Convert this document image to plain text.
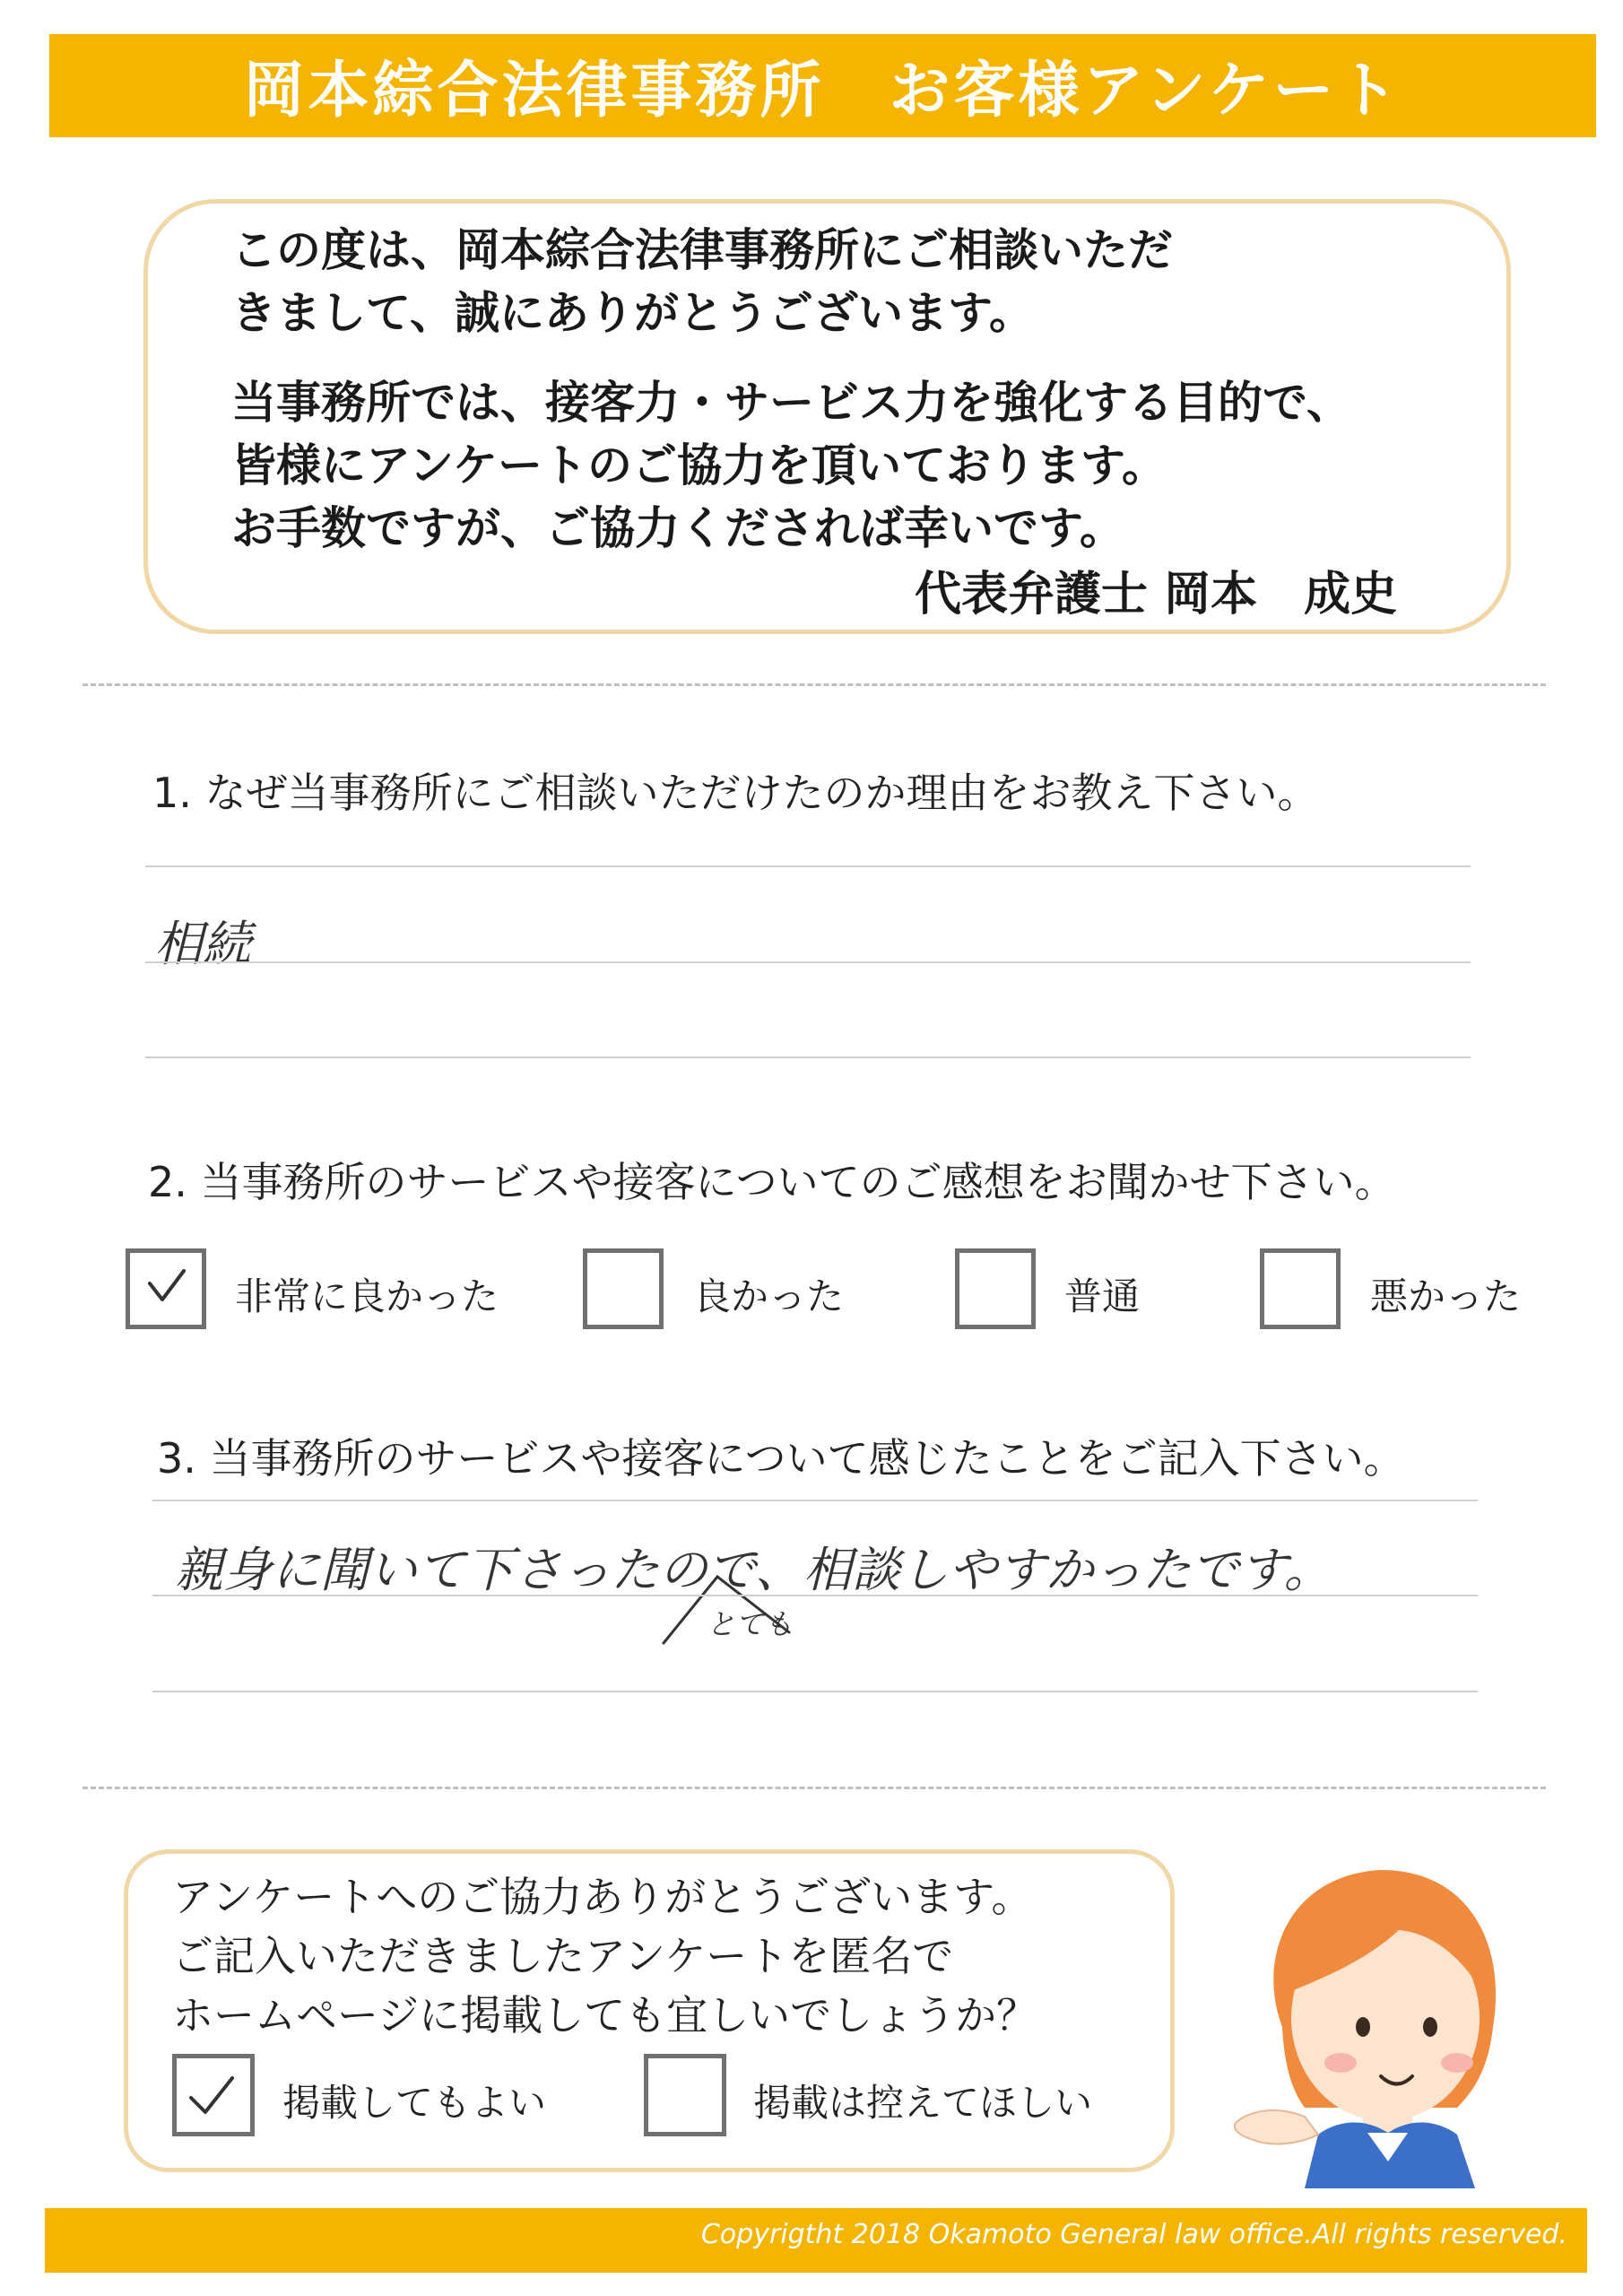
岡本綜合法律事務所　お客様アンケート
この度は、岡本綜合法律事務所にご相談いただ
きまして、誠にありがとうございます。
当事務所では、接客力・サービス力を強化する目的で、
皆様にアンケートのご協力を頂いております。
お手数ですが、ご協力くだされば幸いです。
代表弁護士 岡本　成史
1. なぜ当事務所にご相談いただけたのか理由をお教え下さい。
相続
2. 当事務所のサービスや接客についてのご感想をお聞かせ下さい。
非常に良かった	良かった	普通	悪かった
3. 当事務所のサービスや接客について感じたことをご記入下さい。
親身に聞いて下さったので、相談しやすかったです。
とても
アンケートへのご協力ありがとうございます。
ご記入いただきましたアンケートを匿名で
ホームページに掲載しても宜しいでしょうか？
掲載してもよい	掲載は控えてほしい
Copyrigtht 2018 Okamoto General law office.All rights reserved.
